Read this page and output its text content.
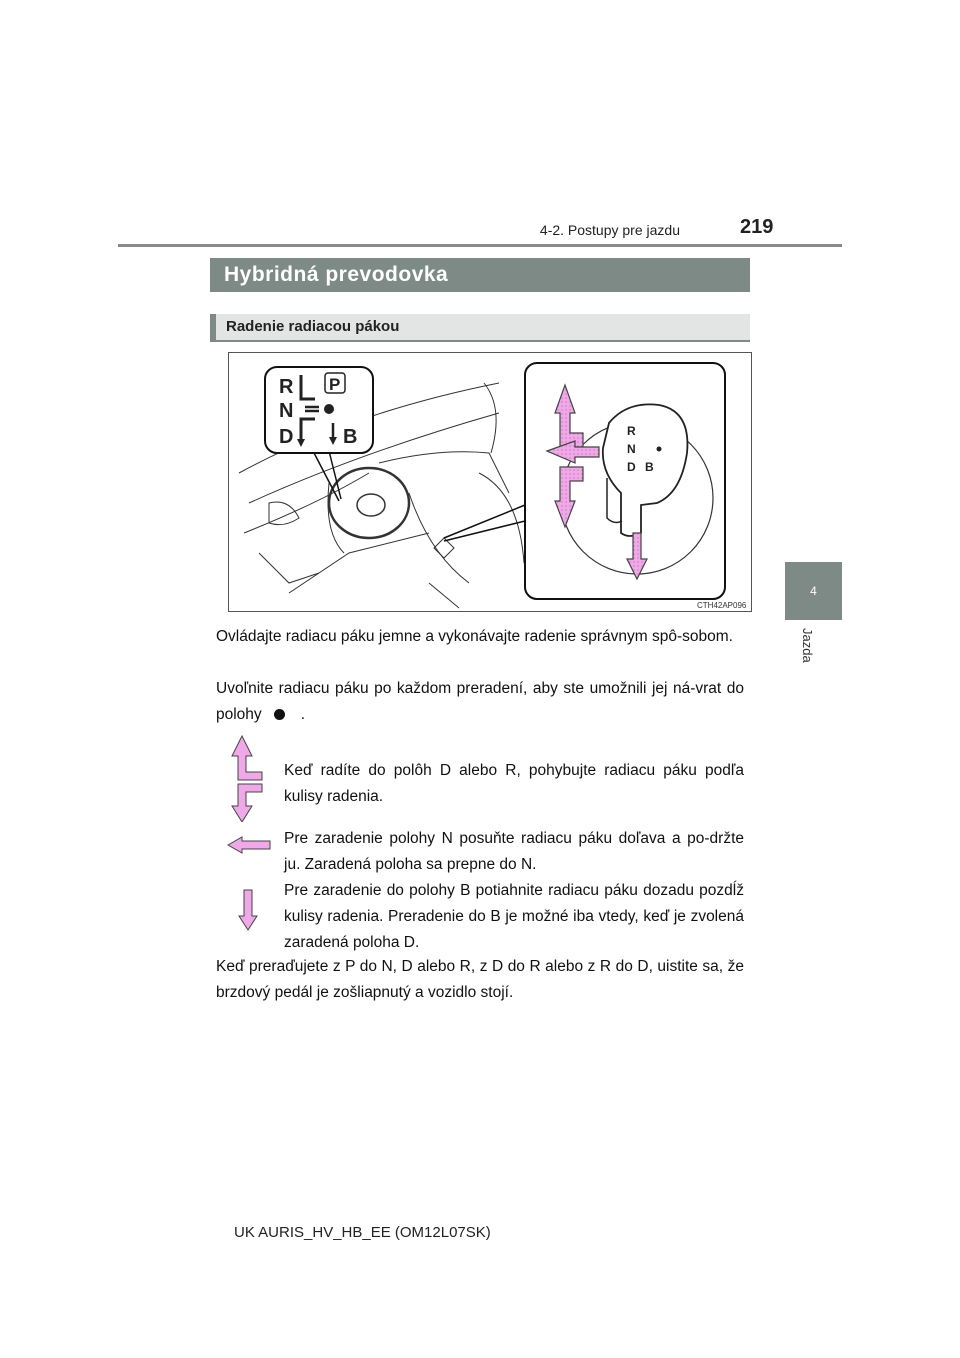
4-2. Postupy pre jazdu	219
4
Jazda
Hybridná prevodovka
Radenie radiacou pákou
R P
N
D B	R
N
D B
CTH42AP096
Ovládajte radiacu páku jemne a vykonávajte radenie správnym spô-sobom.
Uvoľnite radiacu páku po každom preradení, aby ste umožnili jej ná-vrat do polohy	.
Keď radíte do polôh D alebo R, pohybujte radiacu páku podľa kulisy radenia.
Pre zaradenie polohy N posuňte radiacu páku doľava a po-držte ju. Zaradená poloha sa prepne do N.
Pre zaradenie do polohy B potiahnite radiacu páku dozadu pozdĺž kulisy radenia. Preradenie do B je možné iba vtedy, keď je zvolená zaradená poloha D.
Keď preraďujete z P do N, D alebo R, z D do R alebo z R do D, uistite sa, že brzdový pedál je zošliapnutý a vozidlo stojí.
UK AURIS_HV_HB_EE (OM12L07SK)
